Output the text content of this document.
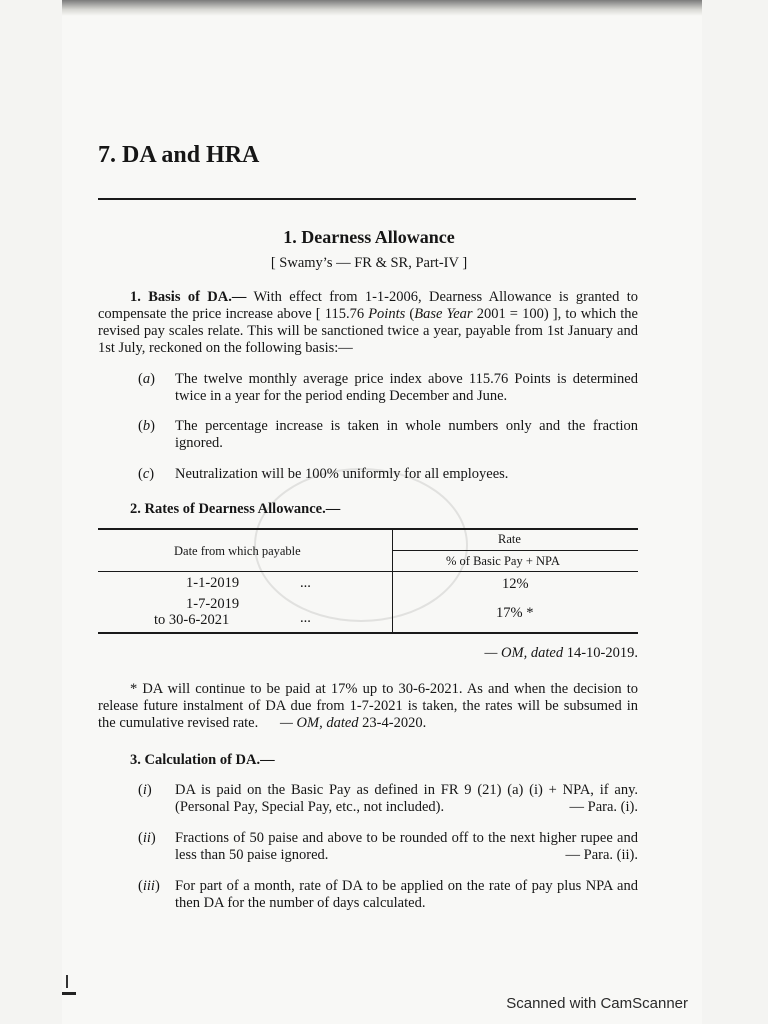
7. DA and HRA
1. Dearness Allowance
[ Swamy’s — FR & SR, Part-IV ]
1. Basis of DA.— With effect from 1-1-2006, Dearness Allowance is granted to compensate the price increase above [ 115.76 Points (Base Year 2001 = 100) ], to which the revised pay scales relate. This will be sanctioned twice a year, payable from 1st January and 1st July, reckoned on the following basis:—
(a)	The twelve monthly average price index above 115.76 Points is determined twice in a year for the period ending December and June.
(b)	The percentage increase is taken in whole numbers only and the fraction ignored.
(c)	Neutralization will be 100% uniformly for all employees.
2. Rates of Dearness Allowance.—
Date from which payable
Rate
% of Basic Pay + NPA
1-1-2019	...	12%
1-7-2019
to 30-6-2021	...	17% *
— OM, dated 14-10-2019.
* DA will continue to be paid at 17% up to 30-6-2021. As and when the decision to release future instalment of DA due from 1-7-2021 is taken, the rates will be subsumed in the cumulative revised rate. — OM, dated 23-4-2020.
3. Calculation of DA.—
(i)	DA is paid on the Basic Pay as defined in FR 9 (21) (a) (i) + NPA, if any. (Personal Pay, Special Pay, etc., not included).	— Para. (i).
(ii)	Fractions of 50 paise and above to be rounded off to the next higher rupee and less than 50 paise ignored.	— Para. (ii).
(iii)	For part of a month, rate of DA to be applied on the rate of pay plus NPA and then DA for the number of days calculated.
Scanned with CamScanner
